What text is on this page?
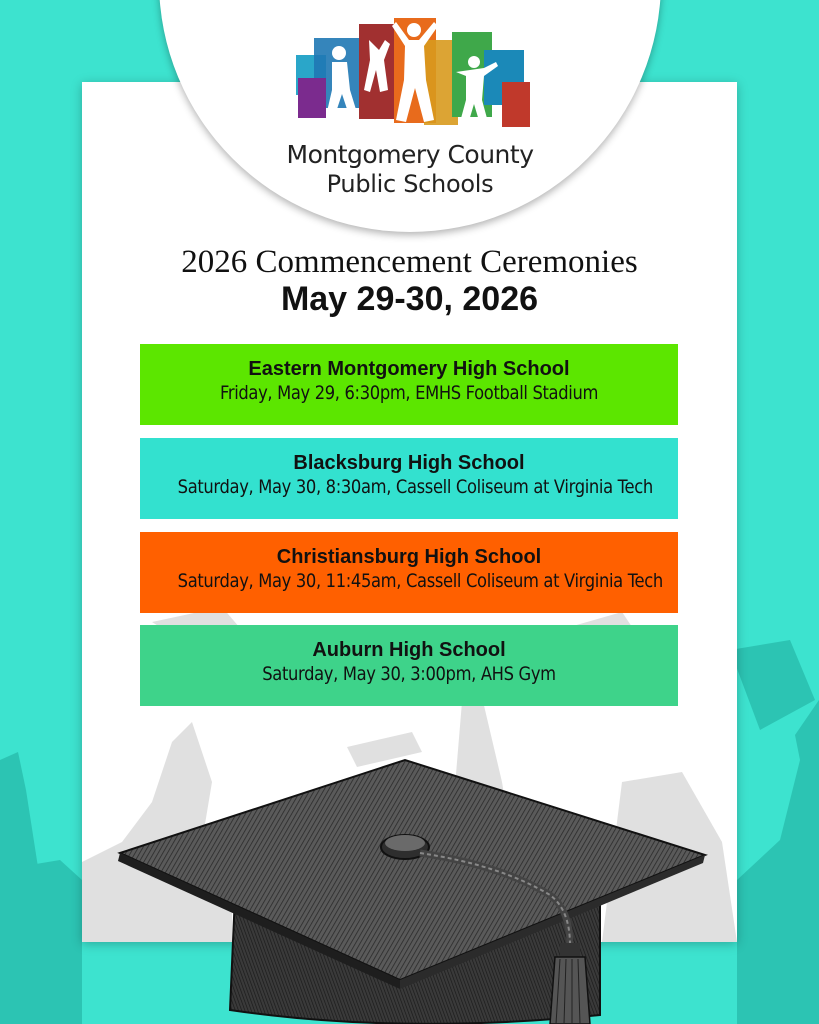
Montgomery County
Public Schools
2026 Commencement Ceremonies
May 29-30, 2026
Eastern Montgomery High School
Friday, May 29, 6:30pm, EMHS Football Stadium
Blacksburg High School
Saturday, May 30, 8:30am, Cassell Coliseum at Virginia Tech
Christiansburg High School
Saturday, May 30, 11:45am, Cassell Coliseum at Virginia Tech
Auburn High School
Saturday, May 30, 3:00pm, AHS Gym
